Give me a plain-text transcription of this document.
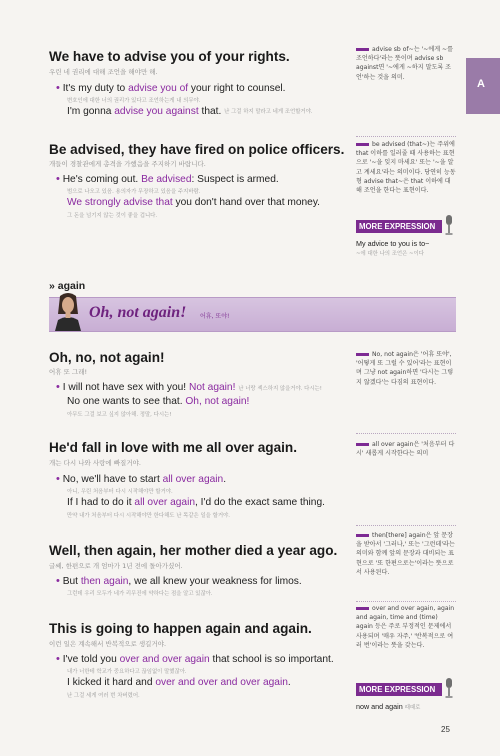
A
We have to advise you of your rights.
우린 네 권리에 대해 조언을 해야만 해.
• It's my duty to advise you of your right to counsel.
변호인에 대한 너의 권리가 있다고 조언하는게 내 의무야.
I'm gonna advise you against that. 난 그걸 하지 말라고 네게 조언할거야.
Be advised, they have fired on police officers.
개들이 경찰관에게 총격을 가했음을 주지하기 바랍니다.
• He's coming out. Be advised: Suspect is armed.
범으로 나오고 있음. 용의자가 무장하고 있음을 주지바람.
We strongly advise that you don't hand over that money.
그 돈을 넘기지 않는 것이 좋을 겁니다.
advise sb of~는 '~에게 ~를 조언하다'라는 뜻이며 advise sb against면 '~에게 ~하지 말도록 조언'하는 것을 의미.
be advised (that~)는 주위에 that 이하를 일러줄 때 사용하는 표현으로 '~을 잊지 마세요' 또는 '~을 알고 계세요'라는 의미이다. 당연히 능동형 advise that~은 that 이하에 대해 조언을 한다는 표현이다.
MORE EXPRESSION
My advice to you is to~
~에 대한 나의 조언은 ~이다
» again
Oh, not again! 어휴, 또야!
Oh, no, not again!
어휴 또 그래!
• I will not have sex with you! Not again! 난 너랑 섹스하지 않을거야. 다시는!
No one wants to see that. Oh, not again!
아무도 그걸 보고 싶지 않아해. 정말, 다시는!
He'd fall in love with me all over again.
개는 다시 나와 사랑에 빠질거야.
• No, we'll have to start all over again.
아니, 우린 처음부터 다시 시작해야만 할거야.
If I had to do it all over again, I'd do the exact same thing.
만약 내가 처음부터 다시 시작해야만 한다해도 난 똑같은 일을 할거야.
Well, then again, her mother died a year ago.
글쎄, 한편으로 개 엄마가 1년 전에 돌아가셨어.
• But then again, we all knew your weakness for limos.
그런데 우리 모두가 네가 리무진에 약하다는 점을 알고 있잖아.
This is going to happen again and again.
이런 일은 계속해서 반복적으로 생길거야.
• I've told you over and over again that school is so important.
내가 너한테 학교가 중요하다고 끊임없이 말했잖아.
I kicked it hard and over and over and over again.
난 그걸 세게 여러 번 차버렸어.
No, not again은 '어휴 또야', '어떻게 또 그럴 수 있어'라는 표현이며 그냥 not again하면 '다시는 그렇지 않겠다'는 다짐의 표현이다.
all over again은 '처음부터 다시' 새롭게 시작한다는 의미
then[there] again은 앞 문장을 받아서 '그러나,' 또는 '그런데'라는 의미와 함께 앞의 문장과 대비되는 표현으로 '또 한편으로는'이라는 뜻으로서 사용된다.
over and over again, again and again, time and (time) again 등은 주로 부정적인 문제에서 사용되며 '매우 자주,' '반복적으로 여러 번'이라는 뜻을 갖는다.
MORE EXPRESSION
now and again 때때로
25
